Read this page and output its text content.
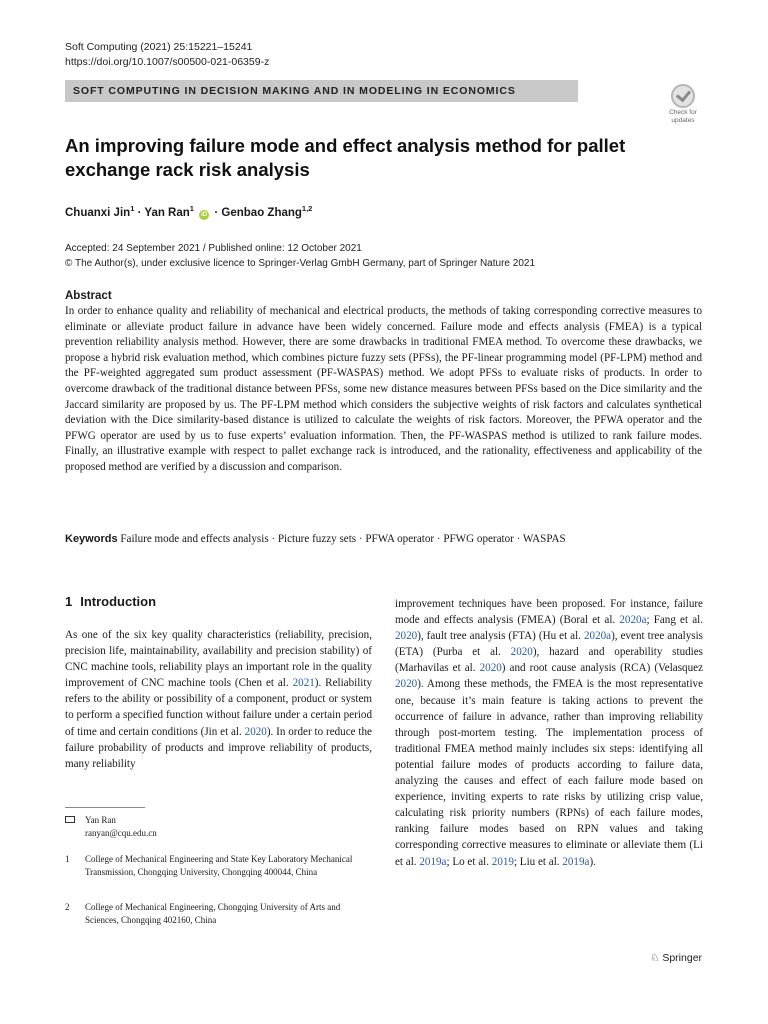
Soft Computing (2021) 25:15221–15241
https://doi.org/10.1007/s00500-021-06359-z
SOFT COMPUTING IN DECISION MAKING AND IN MODELING IN ECONOMICS
Check for
updates
An improving failure mode and effect analysis method for pallet exchange rack risk analysis
Chuanxi Jin$^1$ · Yan Ran$^1$ iD · Genbao Zhang$^{1,2}$
Accepted: 24 September 2021 / Published online: 12 October 2021
© The Author(s), under exclusive licence to Springer-Verlag GmbH Germany, part of Springer Nature 2021
Abstract

In order to enhance quality and reliability of mechanical and electrical products, the methods of taking corresponding corrective measures to eliminate or alleviate product failure in advance have been widely concerned. Failure mode and effects analysis (FMEA) is a typical prevention reliability analysis method. However, there are some drawbacks in traditional FMEA method. To overcome these drawbacks, we propose a hybrid risk evaluation method, which combines picture fuzzy sets (PFSs), the PF-linear programming model (PF-LPM) method and the PF-weighted aggregated sum product assessment (PF-WASPAS) method. We adopt PFSs to evaluate risks of products. In order to overcome drawback of the traditional distance between PFSs, some new distance measures between PFSs based on the Dice similarity and the Jaccard similarity are proposed by us. The PF-LPM method which considers the subjective weights of risk factors and calculates synthetical deviation with the Dice similarity-based distance is utilized to calculate the weights of risk factors. Moreover, the PFWA operator and the PFWG operator are used by us to fuse experts’ evaluation information. Then, the PF-WASPAS method is utilized to rank failure modes. Finally, an illustrative example with respect to pallet exchange rack is introduced, and the rationality, effectiveness and applicability of the proposed method are verified by a discussion and comparison.

Keywords Failure mode and effects analysis · Picture fuzzy sets · PFWA operator · PFWG operator · WASPAS
1 Introduction

As one of the six key quality characteristics (reliability, precision, precision life, maintainability, availability and precision stability) of CNC machine tools, reliability plays an important role in the quality improvement of CNC machine tools (Chen et al. 2021). Reliability refers to the ability or possibility of a component, product or system to perform a specified function without failure under a certain period of time and certain conditions (Jin et al. 2020). In order to reduce the failure probability of products and improve reliability of products, many reliability

improvement techniques have been proposed. For instance, failure mode and effects analysis (FMEA) (Boral et al. 2020a; Fang et al. 2020), fault tree analysis (FTA) (Hu et al. 2020a), event tree analysis (ETA) (Purba et al. 2020), hazard and operability studies (Marhavilas et al. 2020) and root cause analysis (RCA) (Velasquez 2020). Among these methods, the FMEA is the most representative one, because it’s main feature is taking actions to prevent the occurrence of failure in advance, rather than improving reliability through post-mortem testing. The implementation process of traditional FMEA method mainly includes six steps: identifying all potential failure modes of products according to failure data, analyzing the causes and effect of each failure mode based on experience, inviting experts to rate risks by utilizing crisp value, calculating risk priority numbers (RPNs) of each failure modes, ranking failure modes based on RPN values and taking corresponding corrective measures to eliminate or alleviate them (Li et al. 2019a; Lo et al. 2019; Liu et al. 2019a).

Yan Ran
ranyan@cqu.edu.cn
1 College of Mechanical Engineering and State Key Laboratory Mechanical Transmission, Chongqing University, Chongqing 400044, China
2 College of Mechanical Engineering, Chongqing University of Arts and Sciences, Chongqing 402160, China
♘ Springer
